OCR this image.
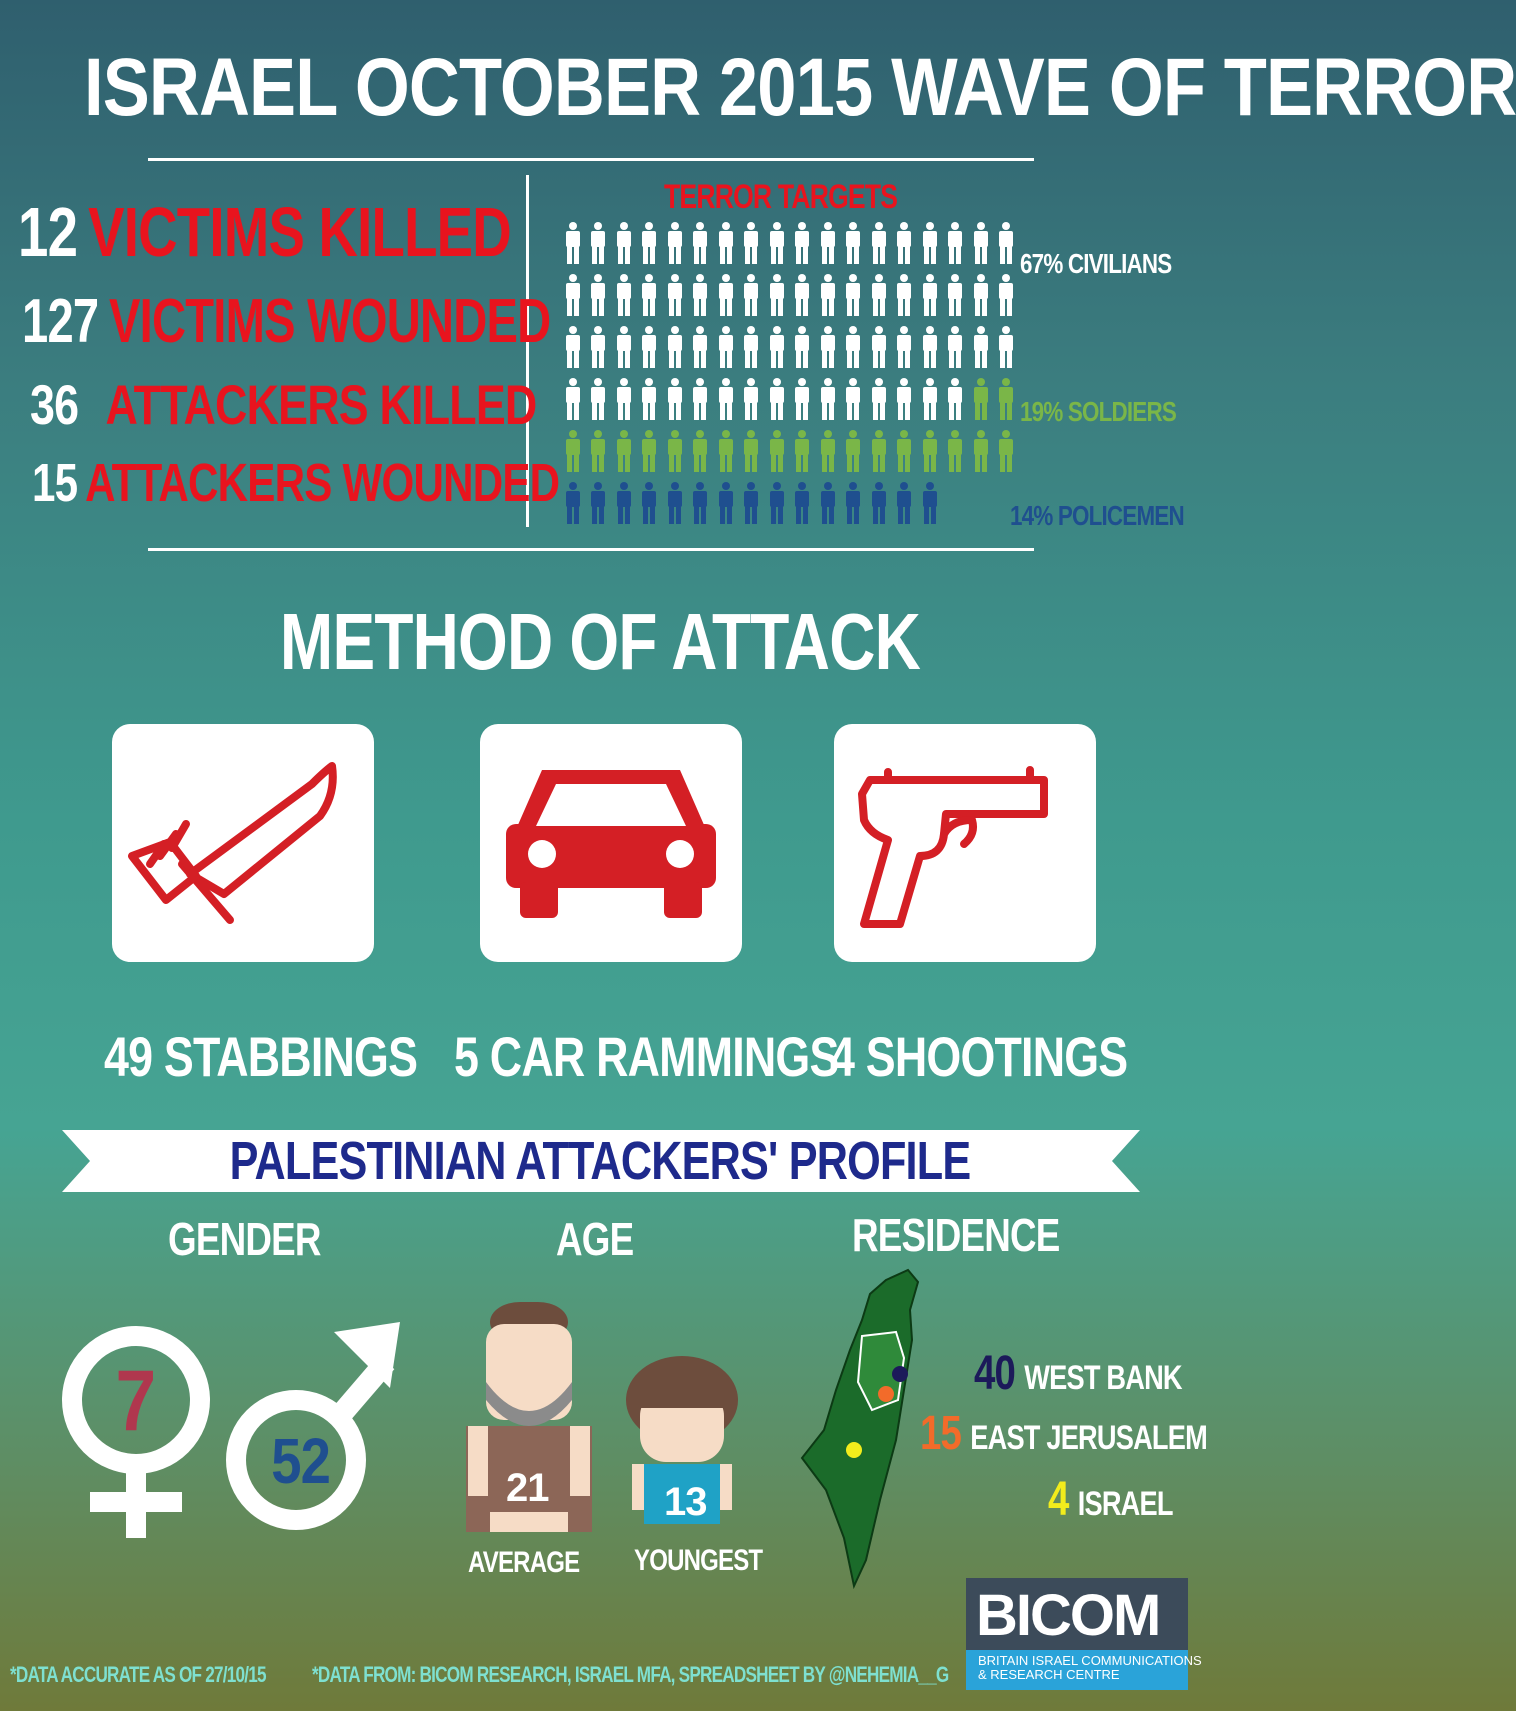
ISRAEL OCTOBER 2015 WAVE OF TERROR
12 VICTIMS KILLED
127 VICTIMS WOUNDED
36 ATTACKERS KILLED
15 ATTACKERS WOUNDED
TERROR TARGETS
67% CIVILIANS
19% SOLDIERS
14% POLICEMEN
METHOD OF ATTACK
49 STABBINGS 5 CAR RAMMINGS
4 SHOOTINGS
PALESTINIAN ATTACKERS' PROFILE
GENDER	AGE	RESIDENCE
7
52	21
AVERAGE
13
YOUNGEST
40 WEST BANK
15 EAST JERUSALEM
4 ISRAEL
BICOM
BRITAIN ISRAEL COMMUNICATIONS
& RESEARCH CENTRE
*DATA ACCURATE AS OF 27/10/15 *DATA FROM: BICOM RESEARCH, ISRAEL MFA, SPREADSHEET BY @NEHEMIA__G
